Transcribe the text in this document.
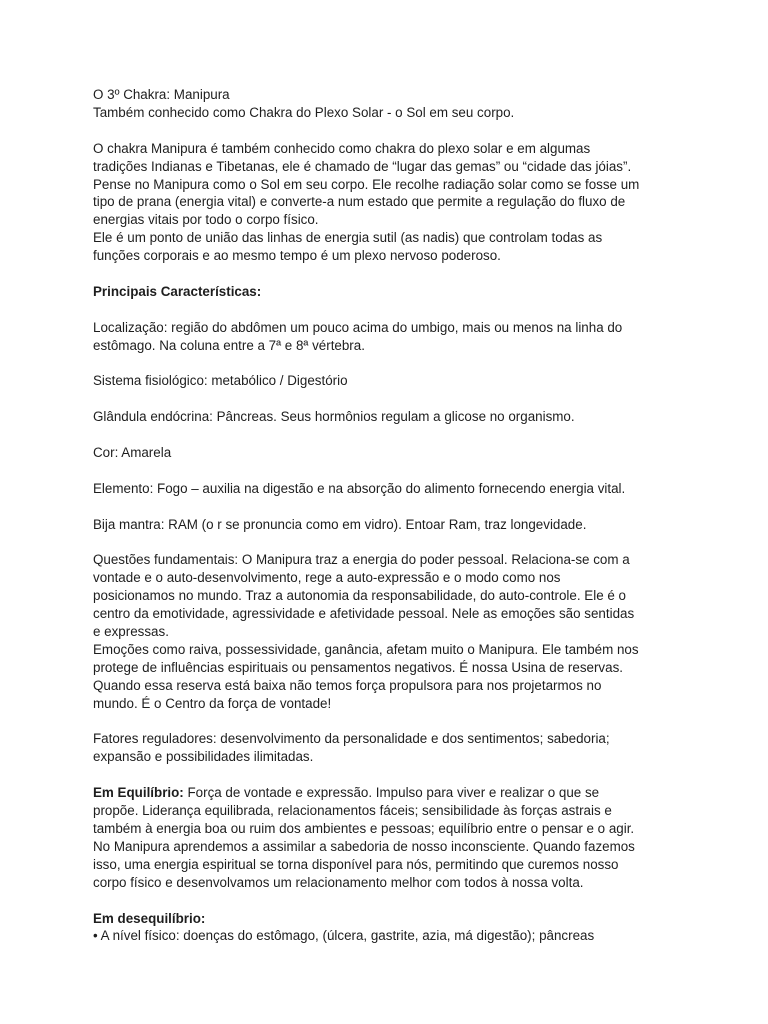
O 3º Chakra: Manipura

Também conhecido como Chakra do Plexo Solar - o Sol em seu corpo.

O chakra Manipura é também conhecido como chakra do plexo solar e em algumas

tradições Indianas e Tibetanas, ele é chamado de “lugar das gemas” ou “cidade das jóias”.

Pense no Manipura como o Sol em seu corpo. Ele recolhe radiação solar como se fosse um

tipo de prana (energia vital) e converte-a num estado que permite a regulação do fluxo de

energias vitais por todo o corpo físico.

Ele é um ponto de união das linhas de energia sutil (as nadis) que controlam todas as

funções corporais e ao mesmo tempo é um plexo nervoso poderoso.

Principais Características:

Localização: região do abdômen um pouco acima do umbigo, mais ou menos na linha do

estômago. Na coluna entre a 7ª e 8ª vértebra.

Sistema fisiológico: metabólico / Digestório

Glândula endócrina: Pâncreas. Seus hormônios regulam a glicose no organismo.

Cor: Amarela

Elemento: Fogo – auxilia na digestão e na absorção do alimento fornecendo energia vital.

Bija mantra: RAM (o r se pronuncia como em vidro). Entoar Ram, traz longevidade.

Questões fundamentais: O Manipura traz a energia do poder pessoal. Relaciona-se com a

vontade e o auto-desenvolvimento, rege a auto-expressão e o modo como nos

posicionamos no mundo. Traz a autonomia da responsabilidade, do auto-controle. Ele é o

centro da emotividade, agressividade e afetividade pessoal. Nele as emoções são sentidas

e expressas.

Emoções como raiva, possessividade, ganância, afetam muito o Manipura. Ele também nos

protege de influências espirituais ou pensamentos negativos. É nossa Usina de reservas.

Quando essa reserva está baixa não temos força propulsora para nos projetarmos no

mundo. É o Centro da força de vontade!

Fatores reguladores: desenvolvimento da personalidade e dos sentimentos; sabedoria;

expansão e possibilidades ilimitadas.

Em Equilíbrio: Força de vontade e expressão. Impulso para viver e realizar o que se

propõe. Liderança equilibrada, relacionamentos fáceis; sensibilidade às forças astrais e

também à energia boa ou ruim dos ambientes e pessoas; equilíbrio entre o pensar e o agir.

No Manipura aprendemos a assimilar a sabedoria de nosso inconsciente. Quando fazemos

isso, uma energia espiritual se torna disponível para nós, permitindo que curemos nosso

corpo físico e desenvolvamos um relacionamento melhor com todos à nossa volta.

Em desequilíbrio:

• A nível físico: doenças do estômago, (úlcera, gastrite, azia, má digestão); pâncreas
